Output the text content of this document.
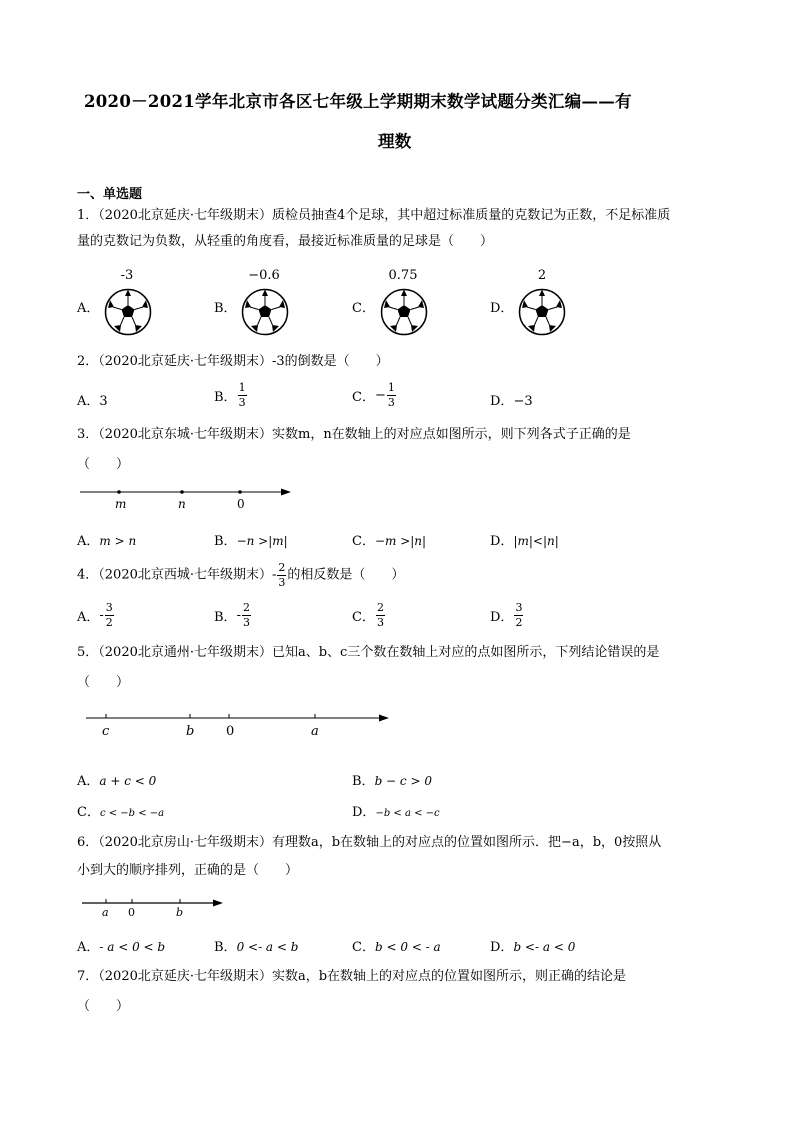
2020－2021学年北京市各区七年级上学期期末数学试题分类汇编——有
理数
一、单选题
1．（2020北京延庆·七年级期末）质检员抽查4个足球，其中超过标准质量的克数记为正数，不足标准质
量的克数记为负数，从轻重的角度看，最接近标准质量的足球是（　　）
A．
-3
B．
−0.6
C．
0.75
D．
2
2．（2020北京延庆·七年级期末）-3的倒数是（　　）
A．3	B． $\frac{1}{3}$	C．− $\frac{1}{3}$	D．−3
3．（2020北京东城·七年级期末）实数m，n在数轴上的对应点如图所示，则下列各式子正确的是
（　　）
m	n	0
A．m > n	B．−n >|m|	C．−m >|n|	D．|m|<|n|
4．（2020北京西城·七年级期末）- $\frac{2}{3}$ 的相反数是（　　）
A．- $\frac{3}{2}$	B．- $\frac{2}{3}$	C． $\frac{2}{3}$	D． $\frac{3}{2}$
5．（2020北京通州·七年级期末）已知a、b、c三个数在数轴上对应的点如图所示，下列结论错误的是
（　　）
c	b 0	a
A．a + c < 0	B．b − c > 0
C．c < −b < −a	D．−b < a < −c
6．（2020北京房山·七年级期末）有理数a，b在数轴上的对应点的位置如图所示．把−a，b，0按照从
小到大的顺序排列，正确的是（　　）
a 0	b
A．- a < 0 < b	B．0 <- a < b	C．b < 0 < - a	D．b <- a < 0
7．（2020北京延庆·七年级期末）实数a，b在数轴上的对应点的位置如图所示，则正确的结论是
（　　）
